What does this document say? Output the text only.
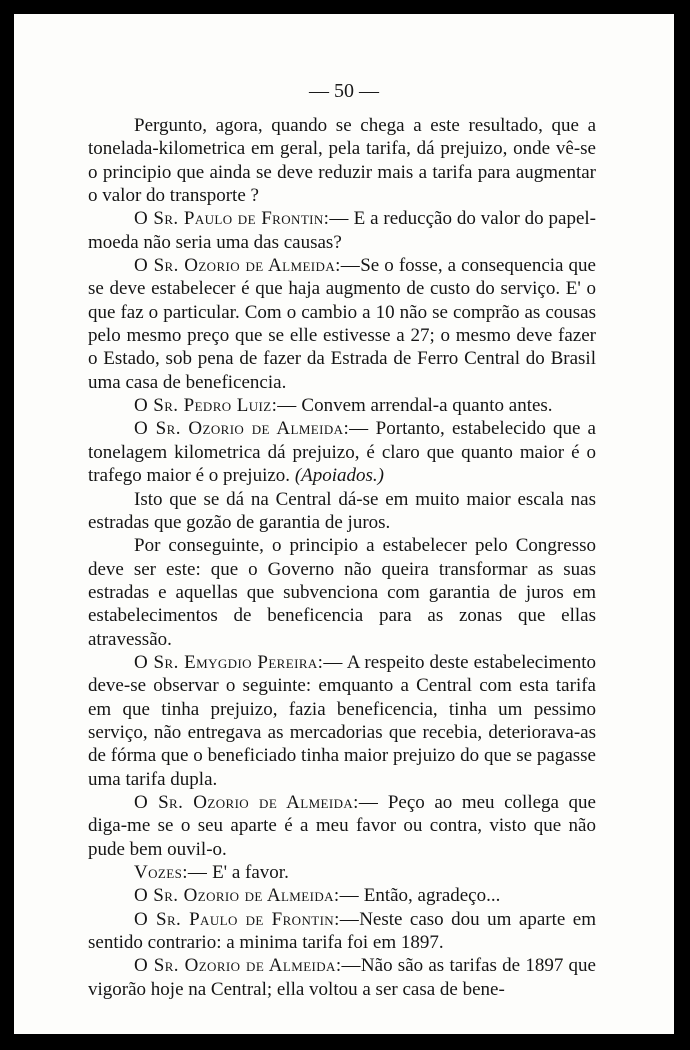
— 50 —

Pergunto, agora, quando se chega a este resultado, que a tonelada-kilometrica em geral, pela tarifa, dá prejuizo, onde vê-se o principio que ainda se deve reduzir mais a tarifa para augmentar o valor do transporte ?

O Sr. Paulo de Frontin:— E a reducção do valor do papel-moeda não seria uma das causas?

O Sr. Ozorio de Almeida:—Se o fosse, a consequencia que se deve estabelecer é que haja augmento de custo do serviço. E' o que faz o particular. Com o cambio a 10 não se comprão as cousas pelo mesmo preço que se elle estivesse a 27; o mesmo deve fazer o Estado, sob pena de fazer da Estrada de Ferro Central do Brasil uma casa de beneficencia.

O Sr. Pedro Luiz:— Convem arrendal-a quanto antes.

O Sr. Ozorio de Almeida:— Portanto, estabelecido que a tonelagem kilometrica dá prejuizo, é claro que quanto maior é o trafego maior é o prejuizo. (Apoiados.)

Isto que se dá na Central dá-se em muito maior escala nas estradas que gozão de garantia de juros.

Por conseguinte, o principio a estabelecer pelo Congresso deve ser este: que o Governo não queira transformar as suas estradas e aquellas que subvenciona com garantia de juros em estabelecimentos de beneficencia para as zonas que ellas atravessão.

O Sr. Emygdio Pereira:— A respeito deste estabelecimento deve-se observar o seguinte: emquanto a Central com esta tarifa em que tinha prejuizo, fazia beneficencia, tinha um pessimo serviço, não entregava as mercadorias que recebia, deteriorava-as de fórma que o beneficiado tinha maior prejuizo do que se pagasse uma tarifa dupla.

O Sr. Ozorio de Almeida:— Peço ao meu collega que diga-me se o seu aparte é a meu favor ou contra, visto que não pude bem ouvil-o.

Vozes:— E' a favor.

O Sr. Ozorio de Almeida:— Então, agradeço...

O Sr. Paulo de Frontin:—Neste caso dou um aparte em sentido contrario: a minima tarifa foi em 1897.

O Sr. Ozorio de Almeida:—Não são as tarifas de 1897 que vigorão hoje na Central; ella voltou a ser casa de bene-
